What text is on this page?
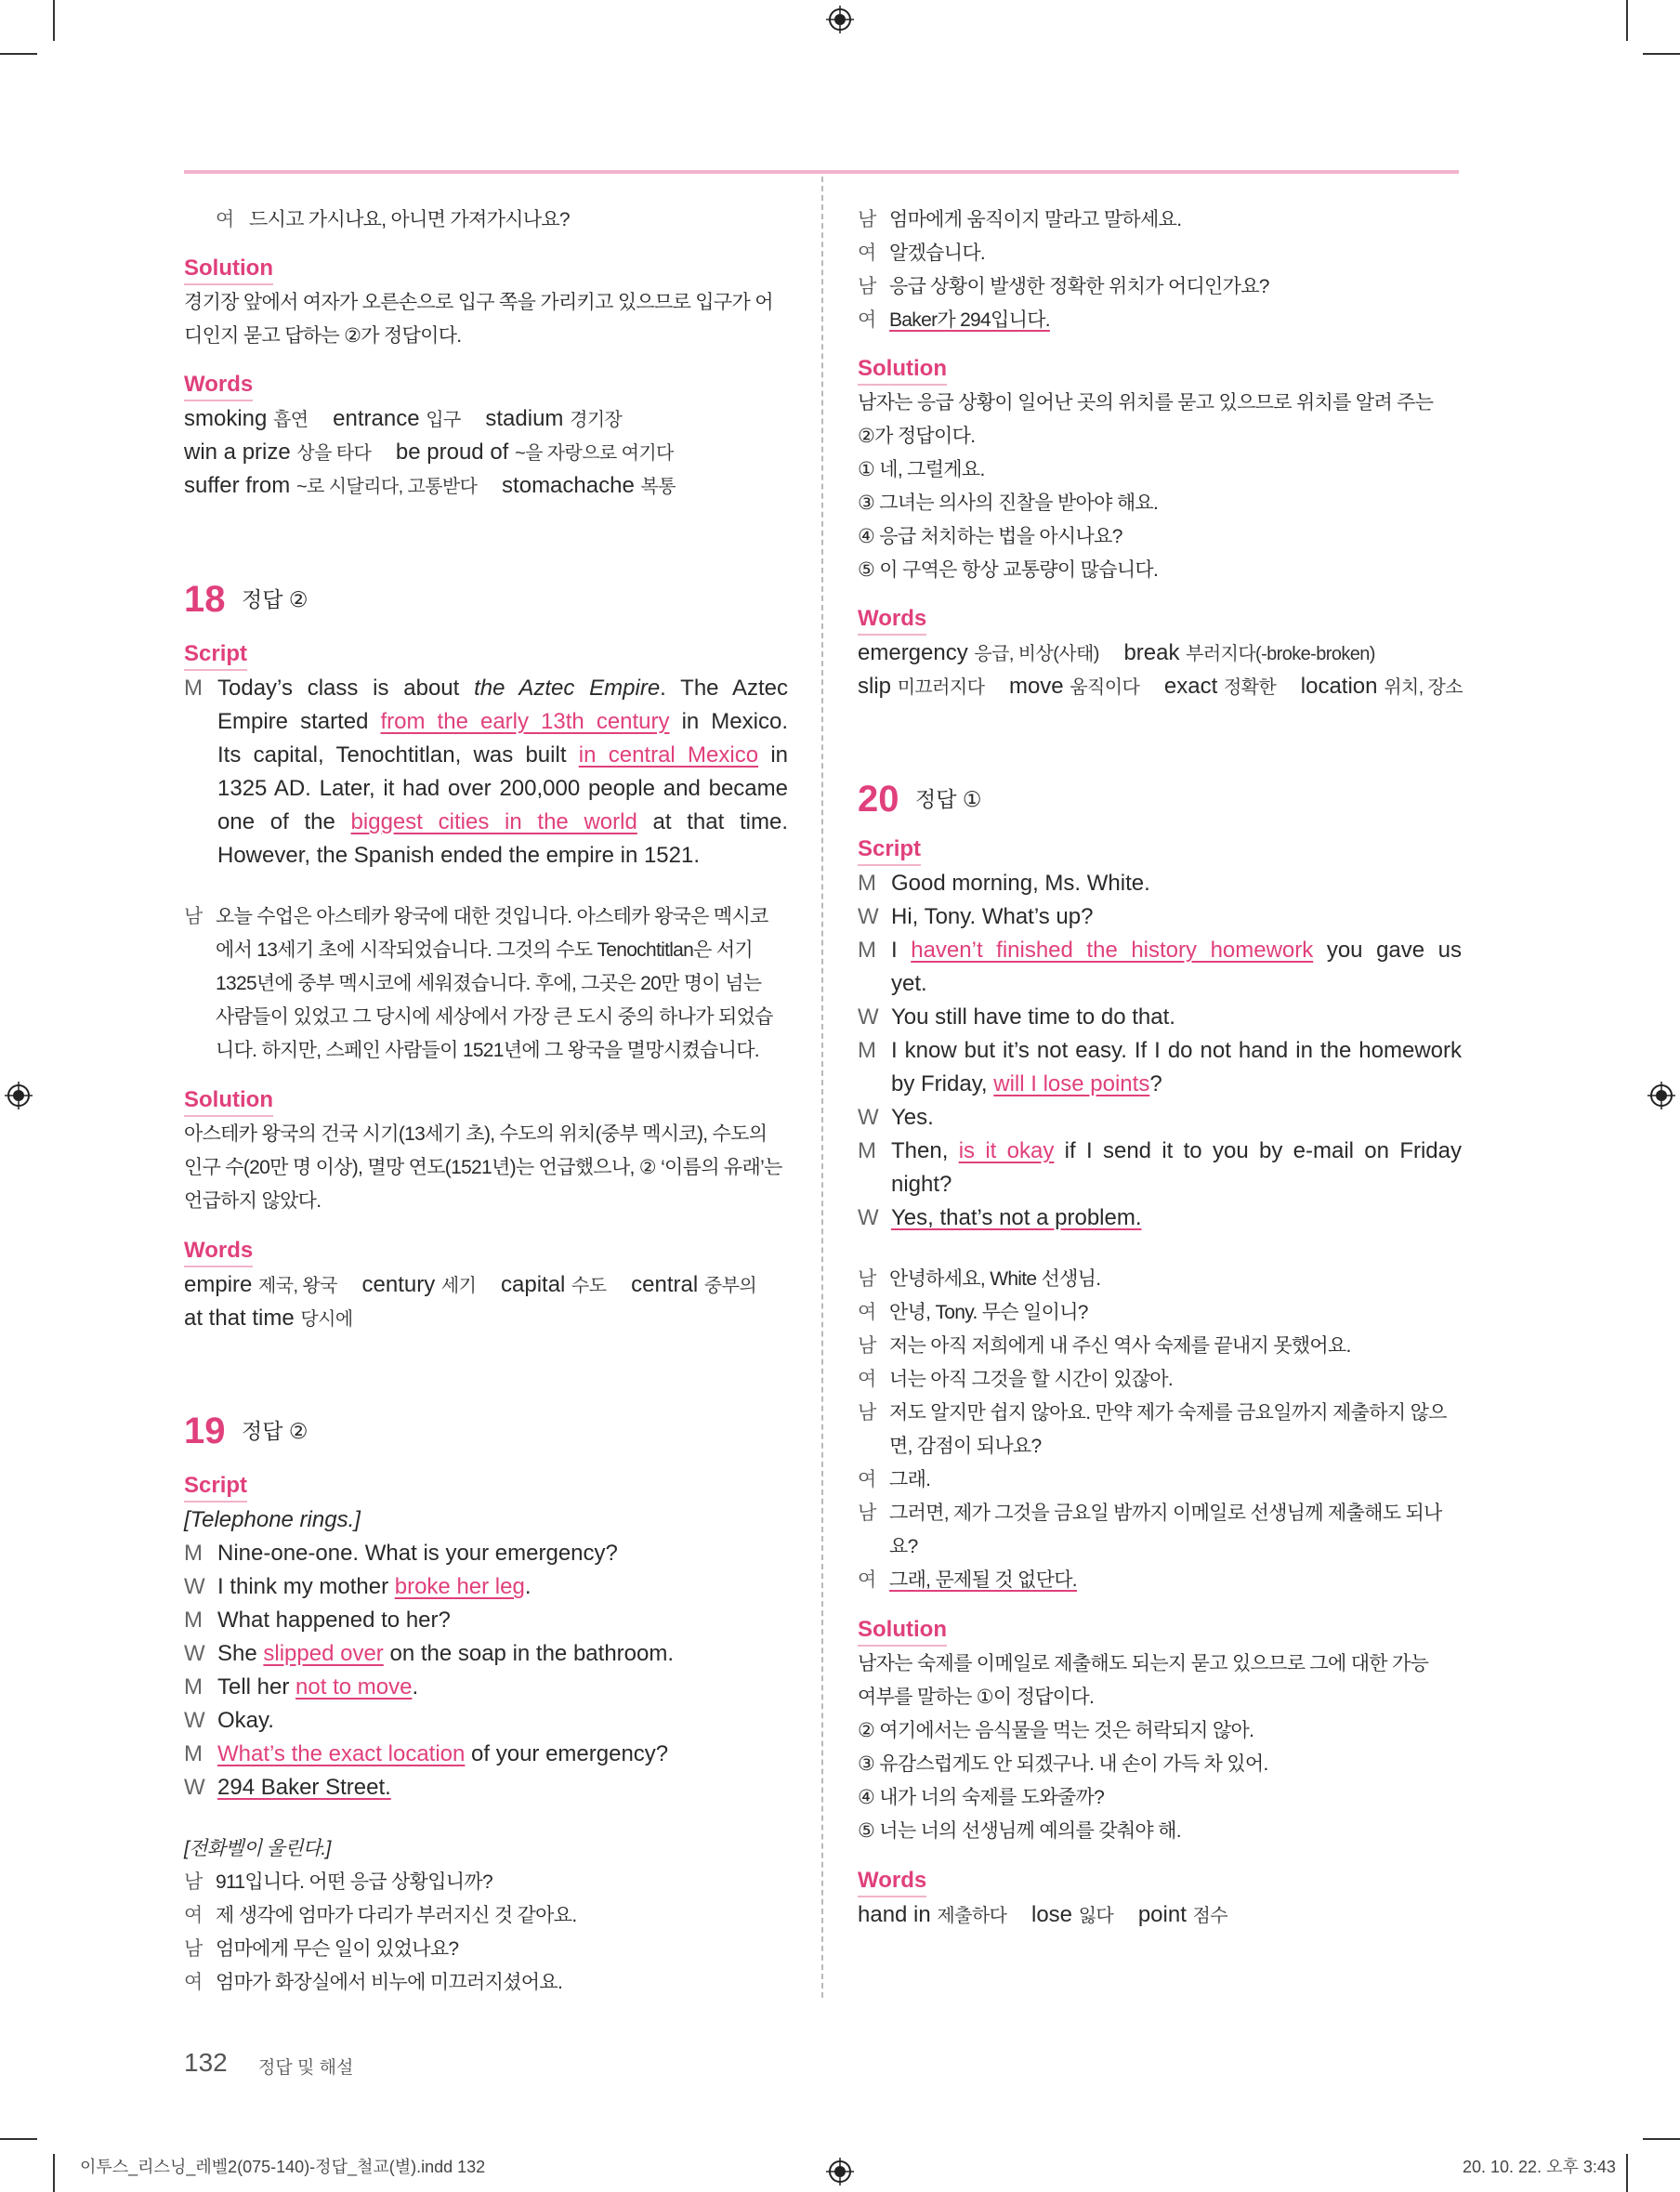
여 드시고 가시나요, 아니면 가져가시나요?
Solution
경기장 앞에서 여자가 오른손으로 입구 쪽을 가리키고 있으므로 입구가 어
디인지 묻고 답하는 ②가 정답이다.
Words
smoking 흡연 entrance 입구 stadium 경기장
win a prize 상을 타다 be proud of ~을 자랑으로 여기다
suffer from ~로 시달리다, 고통받다 stomachache 복통
18 정답 ②
Script
M Today’s class is about the Aztec Empire. The Aztec
Empire started from the early 13th century in Mexico.
Its capital, Tenochtitlan, was built in central Mexico in
1325 AD. Later, it had over 200,000 people and became
one of the biggest cities in the world at that time.
However, the Spanish ended the empire in 1521.
남 오늘 수업은 아스테카 왕국에 대한 것입니다. 아스테카 왕국은 멕시코
에서 13세기 초에 시작되었습니다. 그것의 수도 Tenochtitlan은 서기
1325년에 중부 멕시코에 세워졌습니다. 후에, 그곳은 20만 명이 넘는
사람들이 있었고 그 당시에 세상에서 가장 큰 도시 중의 하나가 되었습
니다. 하지만, 스페인 사람들이 1521년에 그 왕국을 멸망시켰습니다.
Solution
아스테카 왕국의 건국 시기(13세기 초), 수도의 위치(중부 멕시코), 수도의
인구 수(20만 명 이상), 멸망 연도(1521년)는 언급했으나, ② ‘이름의 유래’는
언급하지 않았다.
Words
empire 제국, 왕국 century 세기 capital 수도 central 중부의
at that time 당시에
19 정답 ②
Script
[Telephone rings.]
M Nine-one-one. What is your emergency?
W I think my mother broke her leg.
M What happened to her?
W She slipped over on the soap in the bathroom.
M Tell her not to move.
W Okay.
M What’s the exact location of your emergency?
W 294 Baker Street.
[전화벨이 울린다.]
남 911입니다. 어떤 응급 상황입니까?
여 제 생각에 엄마가 다리가 부러지신 것 같아요.
남 엄마에게 무슨 일이 있었나요?
여 엄마가 화장실에서 비누에 미끄러지셨어요.
남 엄마에게 움직이지 말라고 말하세요.
여 알겠습니다.
남 응급 상황이 발생한 정확한 위치가 어디인가요?
여 Baker가 294입니다.
Solution
남자는 응급 상황이 일어난 곳의 위치를 묻고 있으므로 위치를 알려 주는
②가 정답이다.
① 네, 그럴게요.
③ 그녀는 의사의 진찰을 받아야 해요.
④ 응급 처치하는 법을 아시나요?
⑤ 이 구역은 항상 교통량이 많습니다.
Words
emergency 응급, 비상(사태) break 부러지다(-broke-broken)
slip 미끄러지다 move 움직이다 exact 정확한 location 위치, 장소
20 정답 ①
Script
M Good morning, Ms. White.
W Hi, Tony. What’s up?
M I haven’t finished the history homework you gave us
yet.
W You still have time to do that.
M I know but it’s not easy. If I do not hand in the homework
by Friday, will I lose points?
W Yes.
M Then, is it okay if I send it to you by e-mail on Friday
night?
W Yes, that’s not a problem.
남 안녕하세요, White 선생님.
여 안녕, Tony. 무슨 일이니?
남 저는 아직 저희에게 내 주신 역사 숙제를 끝내지 못했어요.
여 너는 아직 그것을 할 시간이 있잖아.
남 저도 알지만 쉽지 않아요. 만약 제가 숙제를 금요일까지 제출하지 않으
면, 감점이 되나요?
여 그래.
남 그러면, 제가 그것을 금요일 밤까지 이메일로 선생님께 제출해도 되나
요?
여 그래, 문제될 것 없단다.
Solution
남자는 숙제를 이메일로 제출해도 되는지 묻고 있으므로 그에 대한 가능
여부를 말하는 ①이 정답이다.
② 여기에서는 음식물을 먹는 것은 허락되지 않아.
③ 유감스럽게도 안 되겠구나. 내 손이 가득 차 있어.
④ 내가 너의 숙제를 도와줄까?
⑤ 너는 너의 선생님께 예의를 갖춰야 해.
Words
hand in 제출하다 lose 잃다 point 점수
132 정답 및 해설
이투스_리스닝_레벨2(075-140)-정답_철교(별).indd 132	20. 10. 22. 오후 3:43
